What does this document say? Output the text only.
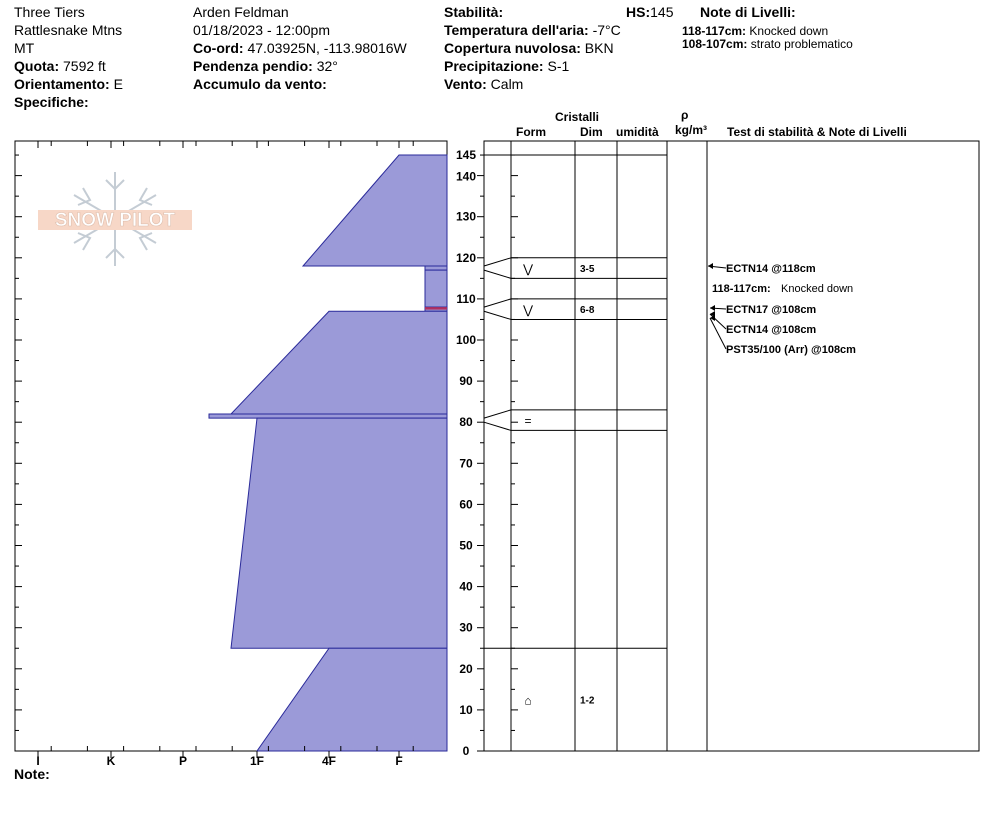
Three Tiers
Rattlesnake Mtns
MT
Quota: 7592 ft
Orientamento: E
Specifiche:
Arden Feldman
01/18/2023 - 12:00pm
Co-ord: 47.03925N, -113.98016W
Pendenza pendio: 32°
Accumulo da vento:
Stabilità:	HS:145
Temperatura dell'aria: -7°C
Copertura nuvolosa: BKN
Precipitazione: S-1
Vento: Calm
Note di Livelli:
118-117cm: Knocked down
108-107cm: strato problematico
Cristalli
Form	Dim umidità
ρ
kg/m³ Test di stabilità & Note di Livelli
SNOW PILOT
I	K	P	1F	4F	F
0
10
20
30
40
50
60
70
80
90
100
110
120
130
140
145
⋁	3-5
⋁	6-8
=
⌂	1-2
ECTN14 @118cm
118-117cm: Knocked down
ECTN17 @108cm
ECTN14 @108cm
PST35/100 (Arr) @108cm
Note:
